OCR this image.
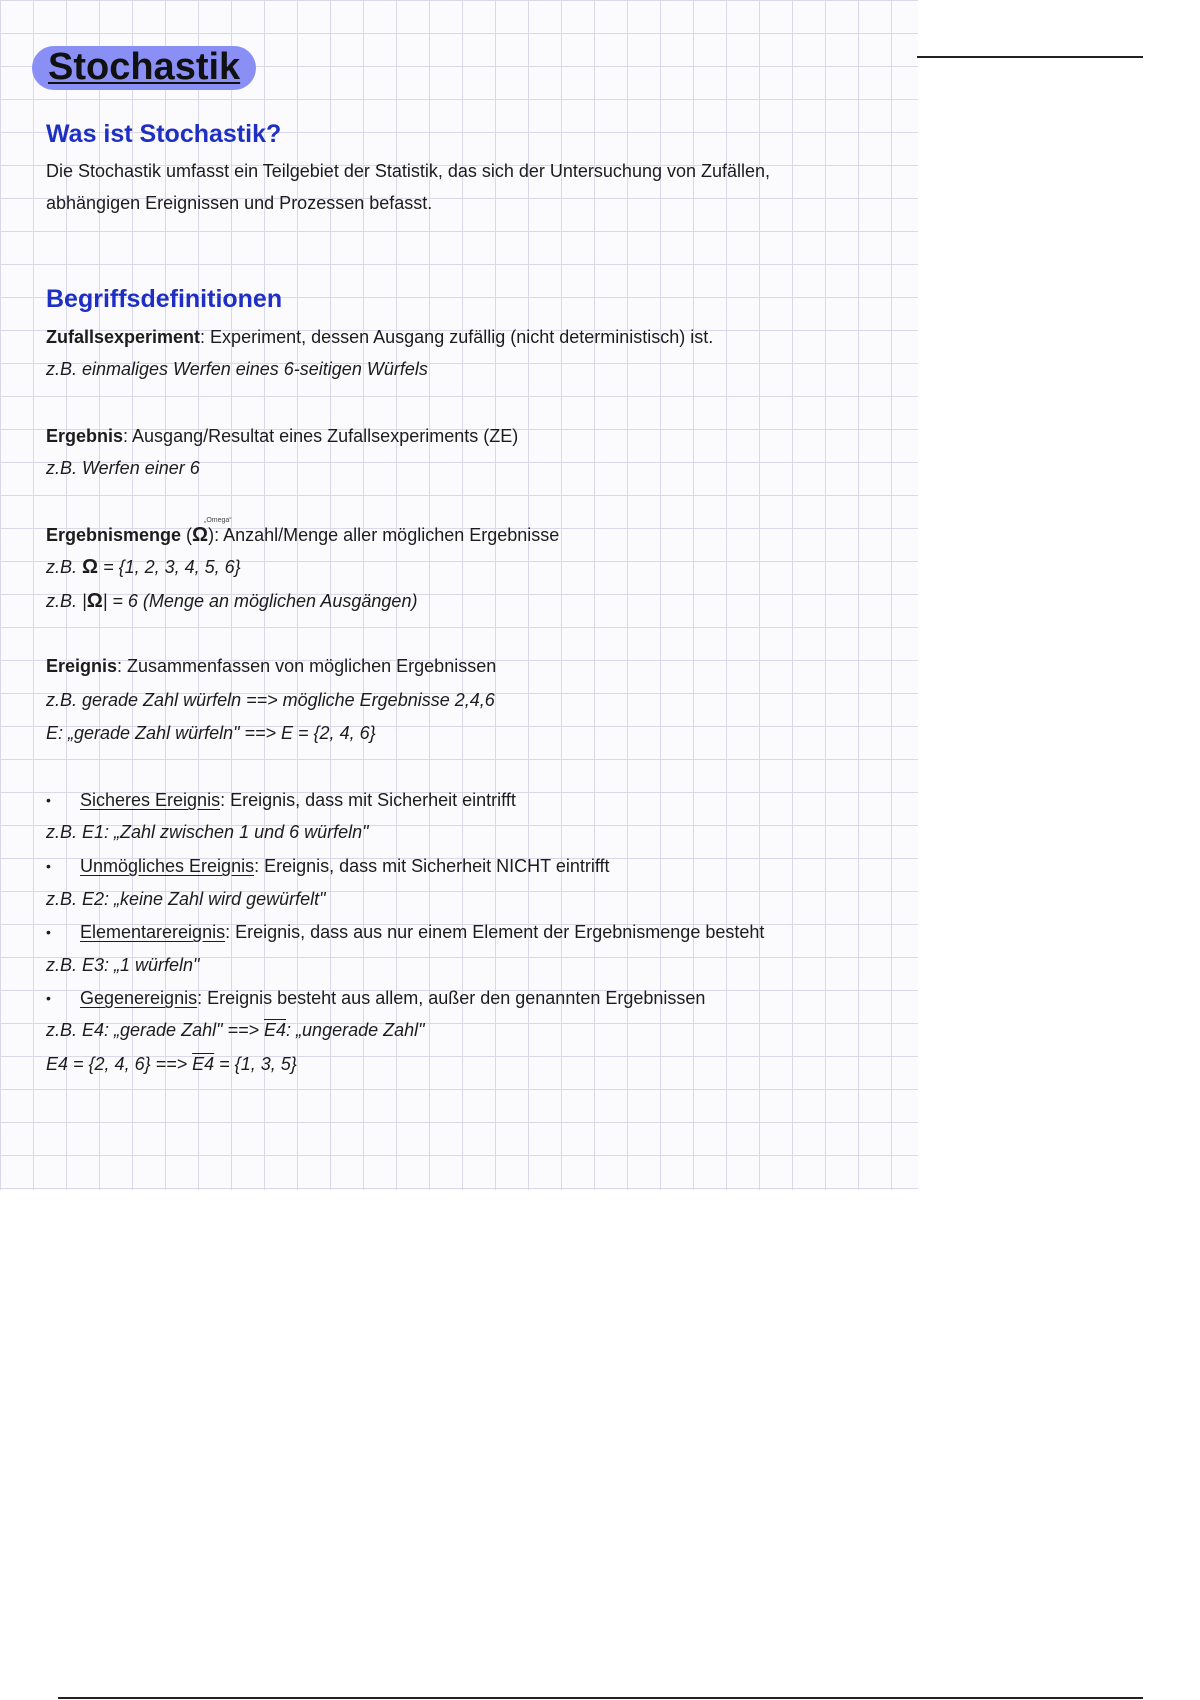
Stochastik
Was ist Stochastik?
Die Stochastik umfasst ein Teilgebiet der Statistik, das sich der Untersuchung von Zufällen,
abhängigen Ereignissen und Prozessen befasst.
Begriffsdefinitionen
Zufallsexperiment: Experiment, dessen Ausgang zufällig (nicht deterministisch) ist.
z.B. einmaliges Werfen eines 6-seitigen Würfels
Ergebnis: Ausgang/Resultat eines Zufallsexperiments (ZE)
z.B. Werfen einer 6
„Omega“
Ergebnismenge (Ω): Anzahl/Menge aller möglichen Ergebnisse
z.B. Ω = {1, 2, 3, 4, 5, 6}
z.B. |Ω| = 6 (Menge an möglichen Ausgängen)
Ereignis: Zusammenfassen von möglichen Ergebnissen
z.B. gerade Zahl würfeln ==> mögliche Ergebnisse 2,4,6
E: „gerade Zahl würfeln" ==> E = {2, 4, 6}
• Sicheres Ereignis: Ereignis, dass mit Sicherheit eintrifft
z.B. E1: „Zahl zwischen 1 und 6 würfeln"
• Unmögliches Ereignis: Ereignis, dass mit Sicherheit NICHT eintrifft
z.B. E2: „keine Zahl wird gewürfelt"
• Elementarereignis: Ereignis, dass aus nur einem Element der Ergebnismenge besteht
z.B. E3: „1 würfeln"
• Gegenereignis: Ereignis besteht aus allem, außer den genannten Ergebnissen
z.B. E4: „gerade Zahl" ==> E4: „ungerade Zahl"
E4 = {2, 4, 6} ==> E4 = {1, 3, 5}
